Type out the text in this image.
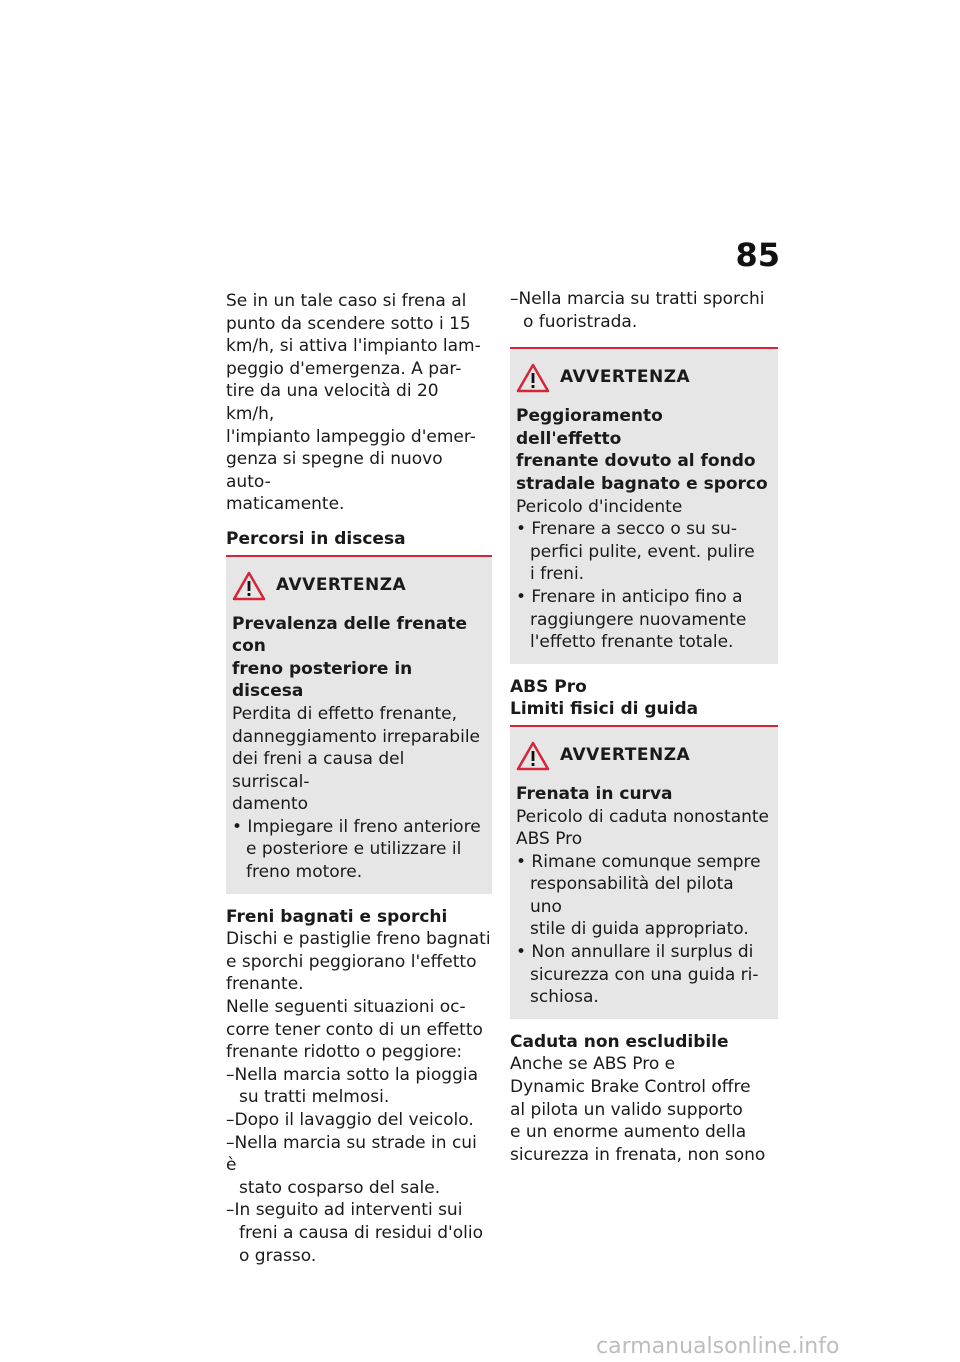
85

Se in un tale caso si frena al

punto da scendere sotto i 15

km/h, si attiva l'impianto lam-

peggio d'emergenza. A par-

tire da una velocità di 20 km/h,

l'impianto lampeggio d'emer-

genza si spegne di nuovo auto-

maticamente.

Percorsi in discesa

AVVERTENZA

Prevalenza delle frenate con

freno posteriore in discesa

Perdita di effetto frenante,

danneggiamento irreparabile

dei freni a causa del surriscal-

damento

• Impiegare il freno anteriore

e posteriore e utilizzare il

freno motore.

Freni bagnati e sporchi

Dischi e pastiglie freno bagnati

e sporchi peggiorano l'effetto

frenante.

Nelle seguenti situazioni oc-

corre tener conto di un effetto

frenante ridotto o peggiore:

–Nella marcia sotto la pioggia

su tratti melmosi.

–Dopo il lavaggio del veicolo.

–Nella marcia su strade in cui è

stato cosparso del sale.

–In seguito ad interventi sui

freni a causa di residui d'olio

o grasso.

–Nella marcia su tratti sporchi

o fuoristrada.

AVVERTENZA

Peggioramento dell'effetto

frenante dovuto al fondo

stradale bagnato e sporco

Pericolo d'incidente

• Frenare a secco o su su-

perfici pulite, event. pulire

i freni.

• Frenare in anticipo fino a

raggiungere nuovamente

l'effetto frenante totale.

ABS Pro

Limiti fisici di guida

AVVERTENZA

Frenata in curva

Pericolo di caduta nonostante

ABS Pro

• Rimane comunque sempre

responsabilità del pilota uno

stile di guida appropriato.

• Non annullare il surplus di

sicurezza con una guida ri-

schiosa.

Caduta non escludibile

Anche se ABS Pro e

Dynamic Brake Control offre

al pilota un valido supporto

e un enorme aumento della

sicurezza in frenata, non sono

carmanualsonline.info
